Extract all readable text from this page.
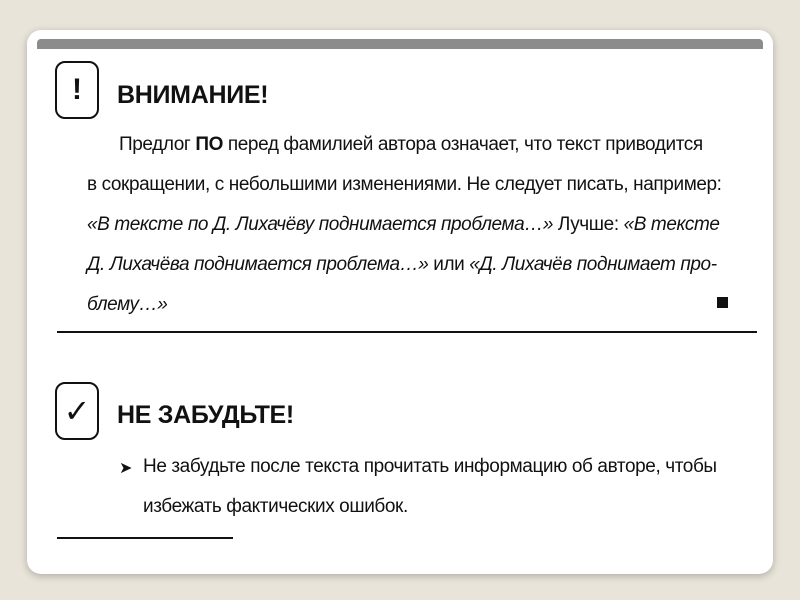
!	ВНИМАНИЕ!
Предлог ПО перед фамилией автора означает, что текст приводится
в сокращении, с небольшими изменениями. Не следует писать, например:
«В тексте по Д. Лихачёву поднимается проблема…» Лучше: «В тексте
Д. Лихачёва поднимается проблема…» или «Д. Лихачёв поднимает про-
блему…»
✓	НЕ ЗАБУДЬТЕ!
➤ Не забудьте после текста прочитать информацию об авторе, чтобы
избежать фактических ошибок.
